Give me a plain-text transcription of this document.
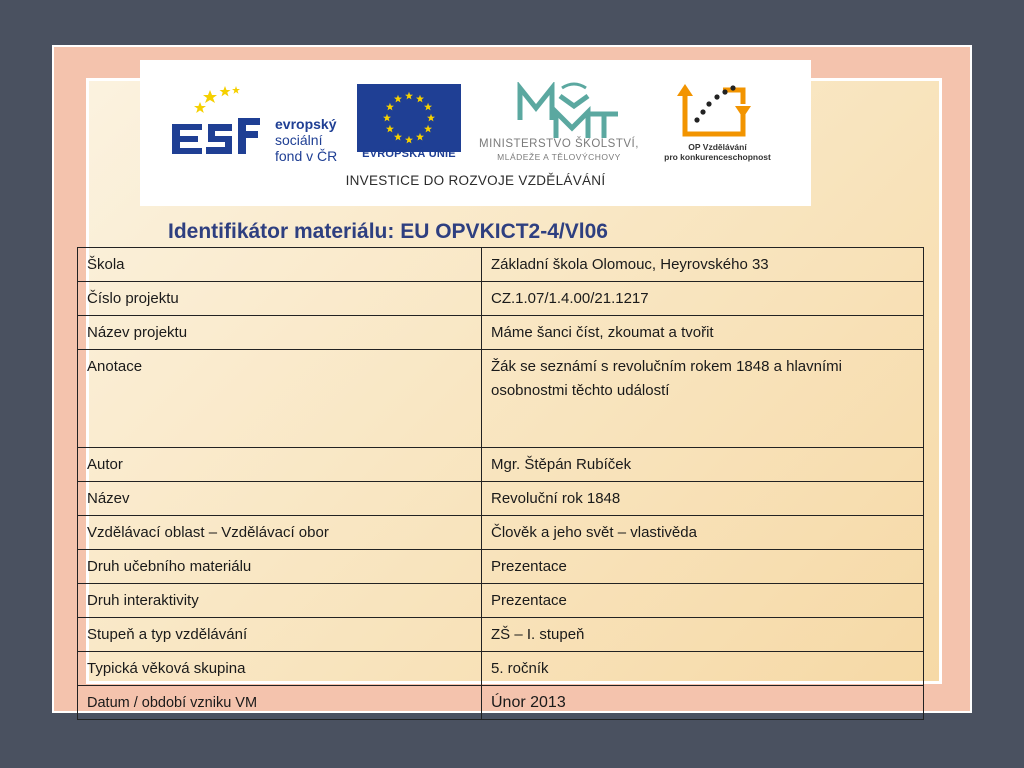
evropský
sociální
fond v ČR	EVROPSKÁ UNIE
MINISTERSTVO ŠKOLSTVÍ,
MLÁDEŽE A TĚLOVÝCHOVY
OP Vzdělávání
pro konkurenceschopnost
INVESTICE DO ROZVOJE VZDĚLÁVÁNÍ
Identifikátor materiálu: EU OPVKICT2-4/Vl06
Škola	Základní škola Olomouc, Heyrovského 33
Číslo projektu	CZ.1.07/1.4.00/21.1217
Název projektu	Máme šanci číst, zkoumat a tvořit
Anotace	Žák se seznámí s revolučním rokem 1848 a hlavními osobnostmi těchto událostí
Autor	Mgr. Štěpán Rubíček
Název	Revoluční rok 1848
Vzdělávací oblast – Vzdělávací obor	Člověk a jeho svět – vlastivěda
Druh učebního materiálu	Prezentace
Druh interaktivity	Prezentace
Stupeň a typ vzdělávání	ZŠ – I. stupeň
Typická věková skupina	5. ročník
Datum / období vzniku VM	Únor 2013
